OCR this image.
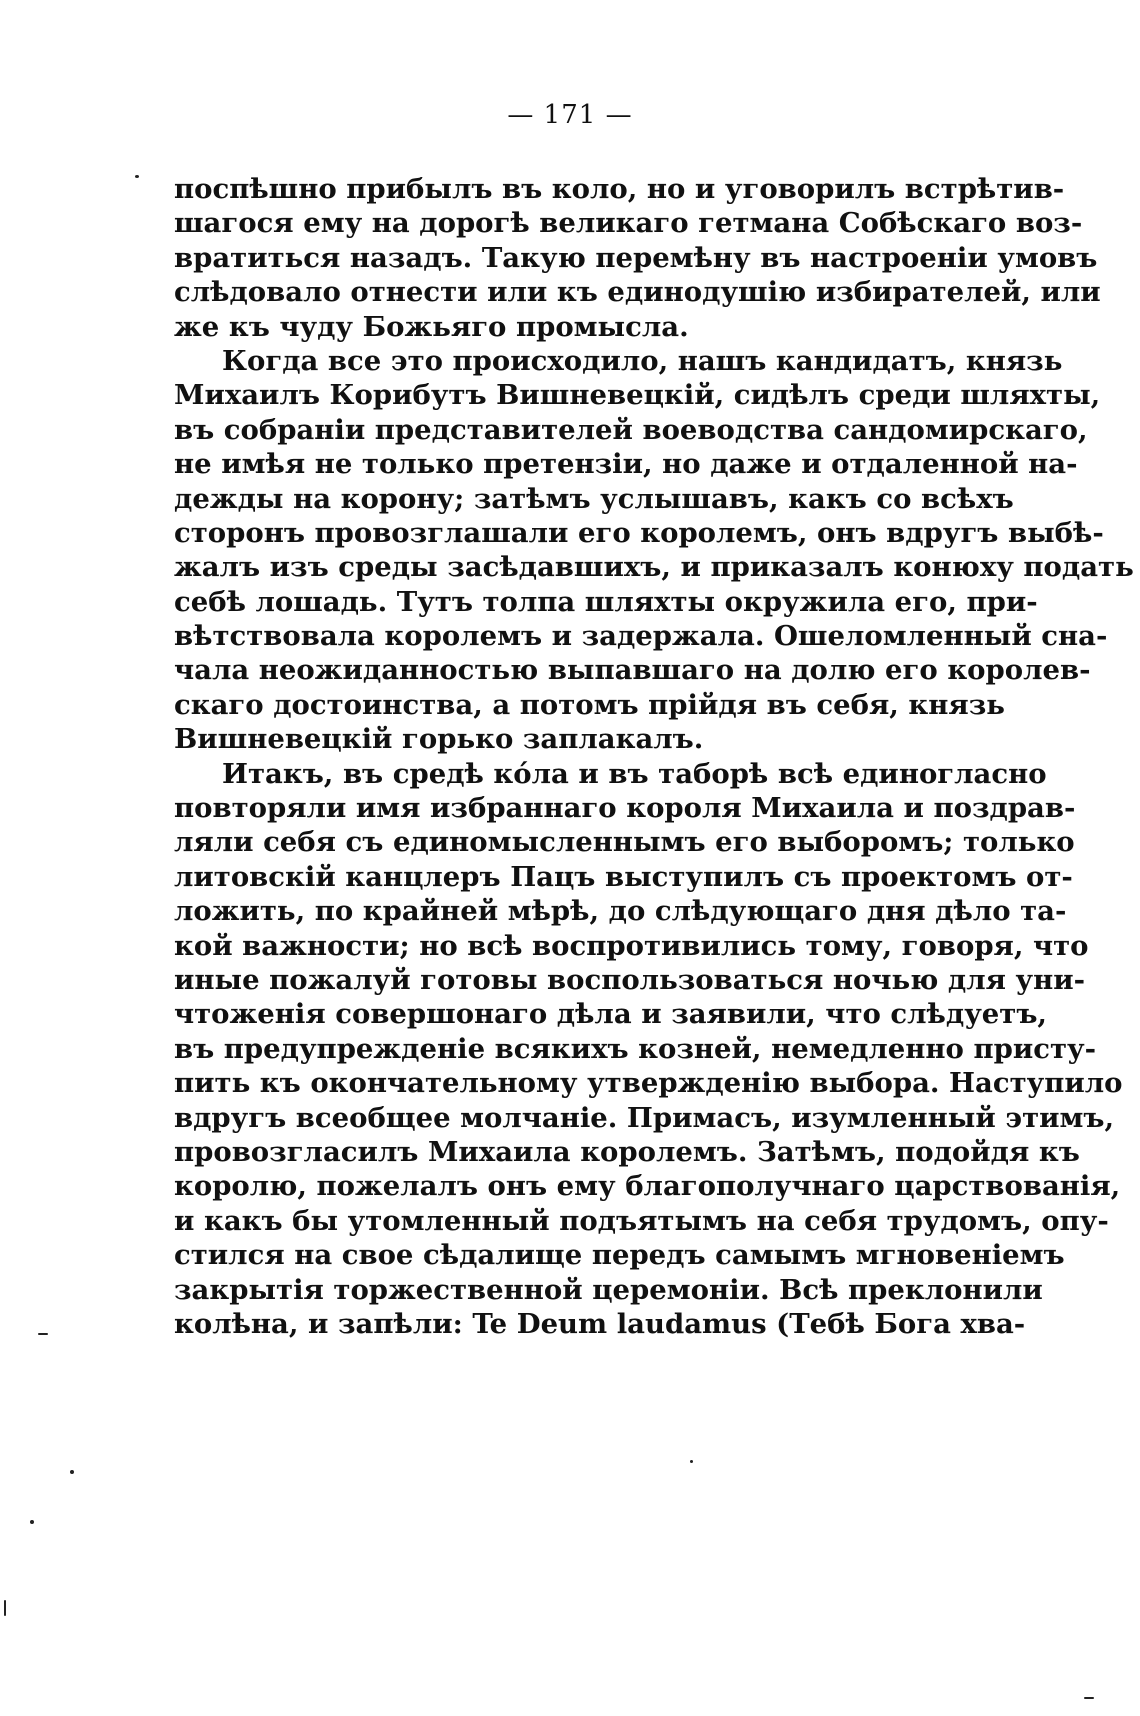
— 171 —
поспѣшно прибылъ въ коло, но и уговорилъ встрѣтив-
шагося ему на дорогѣ великаго гетмана Собѣскаго воз-
вратиться назадъ. Такую перемѣну въ настроеніи умовъ
слѣдовало отнести или къ единодушію избирателей, или
же къ чуду Божьяго промысла.
Когда все это происходило, нашъ кандидатъ, князь
Михаилъ Корибутъ Вишневецкій, сидѣлъ среди шляхты,
въ собраніи представителей воеводства сандомирскаго,
не имѣя не только претензіи, но даже и отдаленной на-
дежды на корону; затѣмъ услышавъ, какъ со всѣхъ
сторонъ провозглашали его королемъ, онъ вдругъ выбѣ-
жалъ изъ среды засѣдавшихъ, и приказалъ конюху подать
себѣ лошадь. Тутъ толпа шляхты окружила его, при-
вѣтствовала королемъ и задержала. Ошеломленный сна-
чала неожиданностью выпавшаго на долю его королев-
скаго достоинства, а потомъ прійдя въ себя, князь
Вишневецкій горько заплакалъ.
Итакъ, въ средѣ кóла и въ таборѣ всѣ единогласно
повторяли имя избраннаго короля Михаила и поздрав-
ляли себя съ единомысленнымъ его выборомъ; только
литовскій канцлеръ Пацъ выступилъ съ проектомъ от-
ложить, по крайней мѣрѣ, до слѣдующаго дня дѣло та-
кой важности; но всѣ воспротивились тому, говоря, что
иные пожалуй готовы воспользоваться ночью для уни-
чтоженія совершонаго дѣла и заявили, что слѣдуетъ,
въ предупрежденіе всякихъ козней, немедленно присту-
пить къ окончательному утвержденію выбора. Наступило
вдругъ всеобщее молчаніе. Примасъ, изумленный этимъ,
провозгласилъ Михаила королемъ. Затѣмъ, подойдя къ
королю, пожелалъ онъ ему благополучнаго царствованія,
и какъ бы утомленный подъятымъ на себя трудомъ, опу-
стился на свое сѣдалище передъ самымъ мгновеніемъ
закрытія торжественной церемоніи. Всѣ преклонили
колѣна, и запѣли: Te Deum laudamus (Тебѣ Бога хва-
